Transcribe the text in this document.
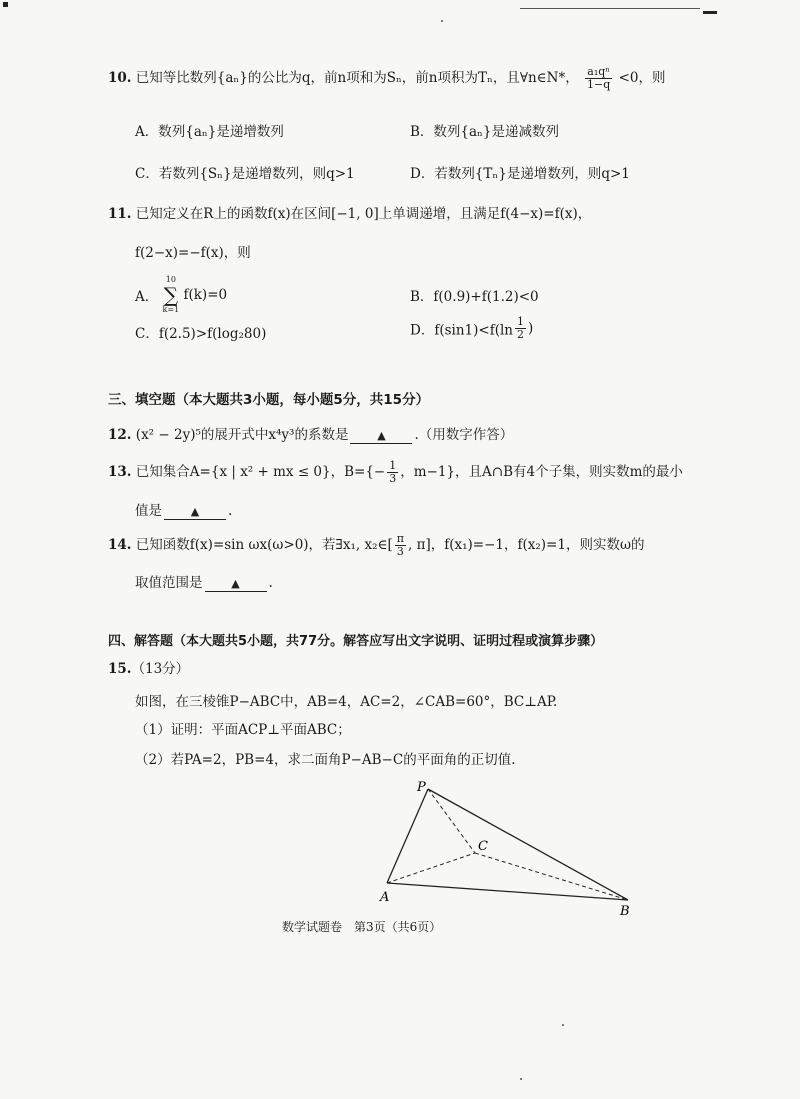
10. 已知等比数列{aₙ}的公比为q，前n项和为Sₙ，前n项积为Tₙ，且∀n∈N*， $\frac{\text{a₁qⁿ}}{1-q} <0$，则
A．数列{aₙ}是递增数列	B．数列{aₙ}是递减数列
C．若数列{Sₙ}是递增数列，则q>1	D．若数列{Tₙ}是递增数列，则q>1
11. 已知定义在R上的函数f(x)在区间[−1, 0]上单调递增，且满足f(4−x)=f(x)，
f(2−x)=−f(x)，则
A．
10
∑
k=1
f(k)=0	B．f(0.9)+f(1.2)<0
C．f(2.5)>f(log₂80)	D．$f(\sin 1)<f(\ln \frac{1}{2}$ )
三、填空题（本大题共3小题，每小题5分，共15分）
12. (x² − 2y)⁵的展开式中x⁴y³的系数是	▲ .（用数字作答）
13. 已知集合A={x | x² + mx ≤ 0}，$B=\{- \frac{1}{3}$ ，m−1}，且A∩B有4个子集，则实数m的最小
值是	▲ .
14. 已知函数f(x)=sin ωx(ω>0)，若∃x₁, x₂∈[ $\frac{\pi}{3}$ , π]，f(x₁)=−1，f(x₂)=1，则实数ω的
取值范围是	▲ .
四、解答题（本大题共5小题，共77分。解答应写出文字说明、证明过程或演算步骤）
15.（13分）
如图，在三棱锥P−ABC中，AB=4，AC=2，∠CAB=60°，BC⊥AP.
（1）证明：平面ACP⊥平面ABC；
（2）若PA=2，PB=4，求二面角P−AB−C的平面角的正切值.
P
A
B
C
数学试题卷　第3页（共6页）
